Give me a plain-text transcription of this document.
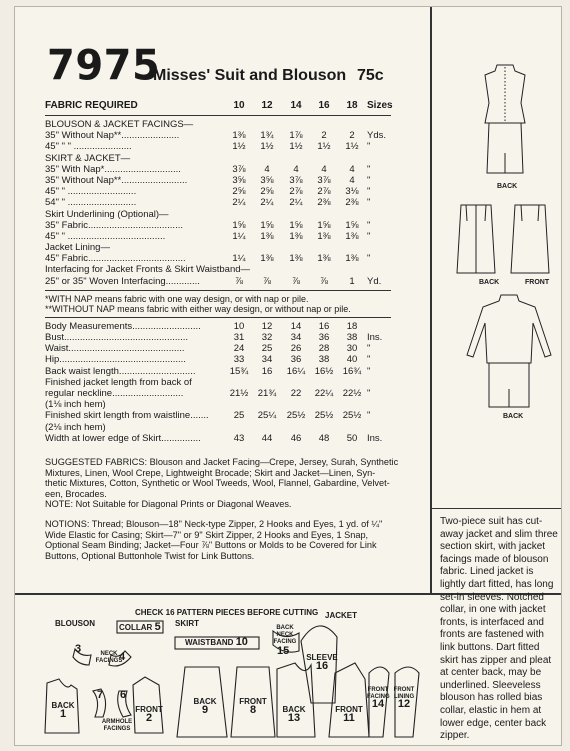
7975
Misses' Suit and Blouson 75c
FABRIC REQUIRED	10	12	14	16	18 Sizes
BLOUSON & JACKET FACINGS—
35" Without Nap**......................	1⅜	1¾	1⅞	2	2	Yds.
45" " " ......................	1½	1½	1½	1½	1½ "
SKIRT & JACKET—
35" With Nap*.............................	3⅞	4	4	4	4	"
35" Without Nap**.........................	3⅝	3⅝	3⅞	3⅞	4	"
45" " ..........................	2⅝	2⅝	2⅞	2⅞	3⅛ "
54" " ..........................	2¼	2¼	2¼	2⅜	2⅜ "
Skirt Underlining (Optional)—
35" Fabric....................................	1⅝	1⅝	1⅝	1⅝	1⅝ "
45" " .....................................	1¼	1⅜	1⅜	1⅜	1⅜ "
Jacket Lining—
45" Fabric.....................................	1¼	1⅜	1⅜	1⅜	1⅜ "
Interfacing for Jacket Fronts & Skirt Waistband—
25" or 35" Woven Interfacing.............	⅞	⅞	⅞	⅞	1	Yd.
*WITH NAP means fabric with one way design, or with nap or pile.
**WITHOUT NAP means fabric with either way design, or without nap or pile.
Body Measurements..........................	10	12	14	16	18
Bust...............................................	31	32	34	36	38	Ins.
Waist............................................	24	25	26	28	30	"
Hip................................................	33	34	36	38	40	"
Back waist length.............................	15¾	16	16¼	16½	16¾ "
Finished jacket length from back of
regular neckline...........................	21½	21¾	22	22¼	22½ "
(1⅛ inch hem)
Finished skirt length from waistline.......	25	25¼	25½	25½	25½ "
(2⅛ inch hem)
Width at lower edge of Skirt...............	43	44	46	48	50	Ins.
SUGGESTED FABRICS: Blouson and Jacket Facing—Crepe, Jersey, Surah, Synthetic
Mixtures, Linen, Wool Crepe, Lightweight Brocade; Skirt and Jacket—Linen, Syn-
thetic Mixtures, Cotton, Synthetic or Wool Tweeds, Wool, Flannel, Gabardine, Velvet-
een, Brocades.
NOTE: Not Suitable for Diagonal Prints or Diagonal Weaves.
NOTIONS: Thread; Blouson—18" Neck-type Zipper, 2 Hooks and Eyes, 1 yd. of ¼"
Wide Elastic for Casing; Skirt—7" or 9" Skirt Zipper, 2 Hooks and Eyes, 1 Snap,
Optional Seam Binding; Jacket—Four ⅞" Buttons or Molds to be Covered for Link
Buttons, Optional Buttonhole Twist for Link Buttons.
BACK
BACK	FRONT
BACK
Two-piece suit has cut-
away jacket and slim three
section skirt, with jacket
facings made of blouson
fabric. Lined jacket is
lightly dart fitted, has long
set-in sleeves. Notched
collar, in one with jacket
fronts, is interfaced and
fronts are fastened with
link buttons. Dart fitted
skirt has zipper and pleat
at center back, may be
underlined. Sleeveless
blouson has rolled bias
collar, elastic in hem at
lower edge, center back
zipper.
CHECK 16 PATTERN PIECES BEFORE CUTTING
BLOUSON	SKIRT
JACKET
COLLAR 5
NECK FACINGS
3
4
7 6
ARMHOLE FACINGS
BACK
1	FRONT
2
WAISTBAND 10
BACK
9
FRONT
8
BACK NECK FACING
15
BACK
13
SLEEVE
16
FRONT
11
FRONT FACING
14
FRONT LINING
12
